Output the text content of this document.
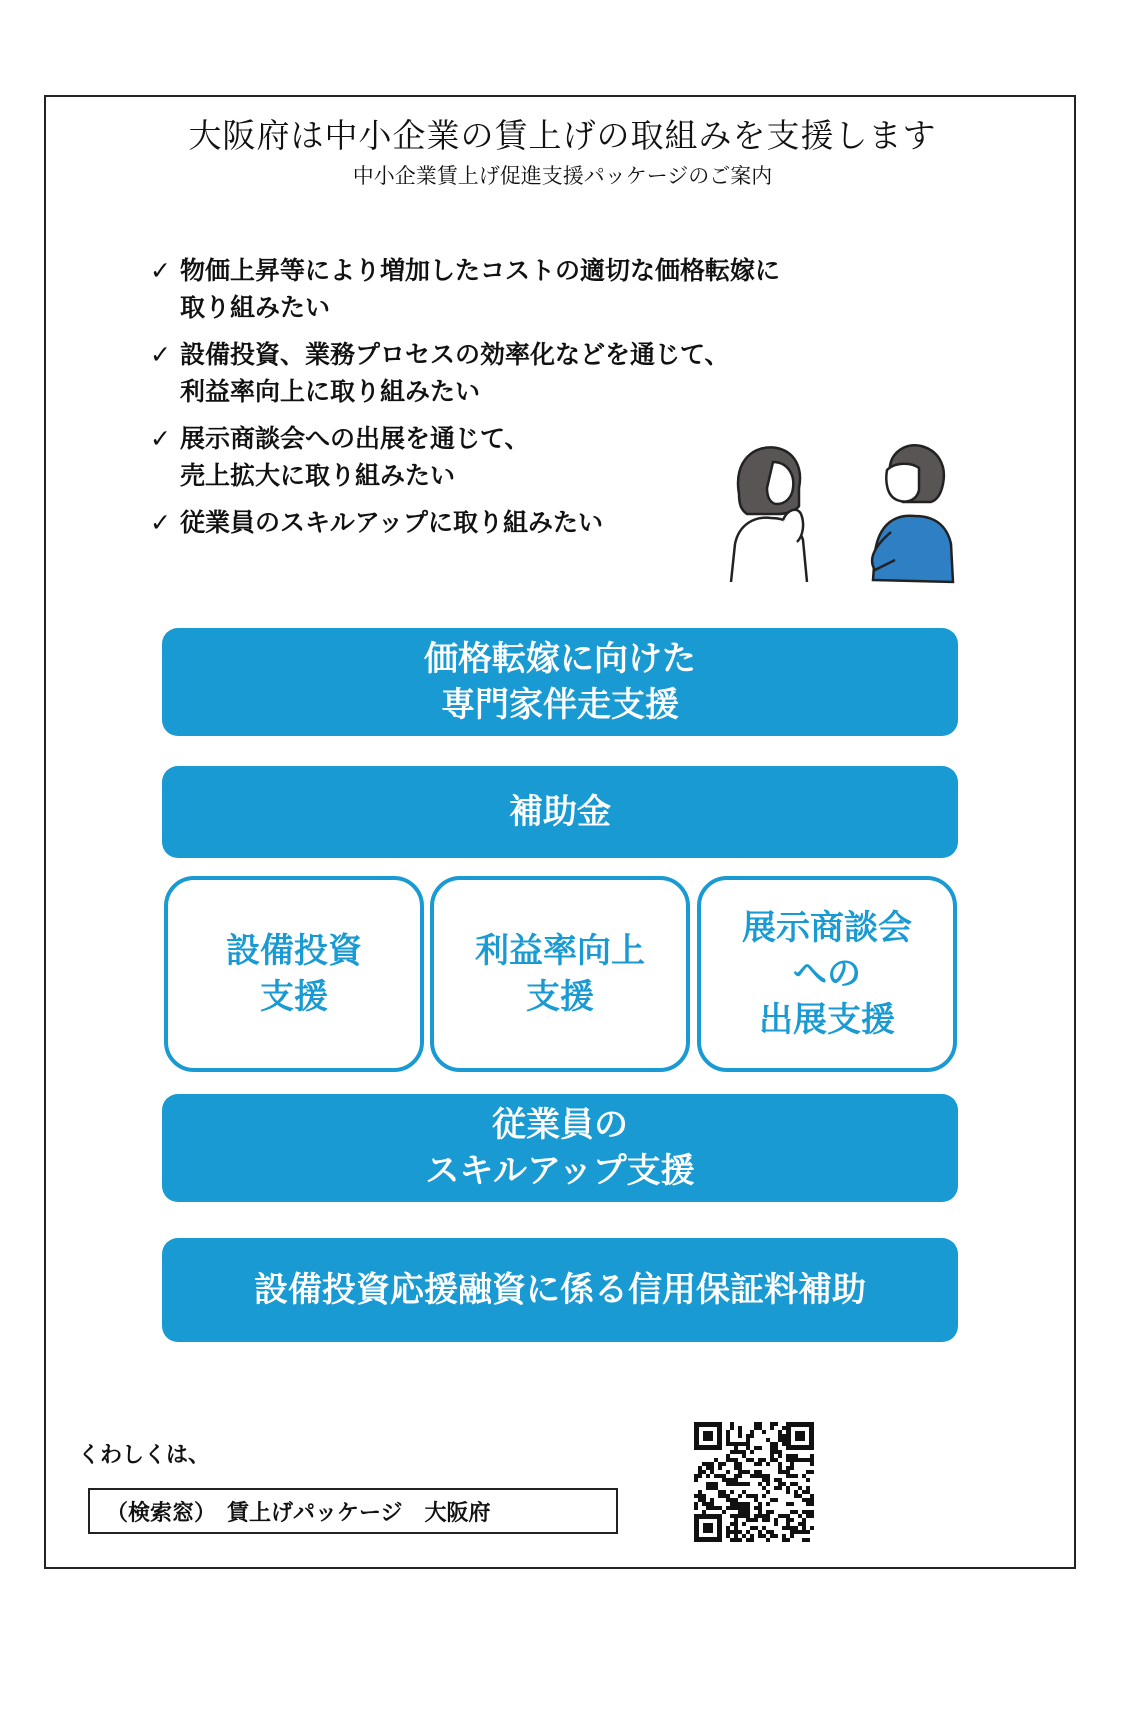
大阪府は中小企業の賃上げの取組みを支援します
中小企業賃上げ促進支援パッケージのご案内
✓ 物価上昇等により増加したコストの適切な価格転嫁に
取り組みたい
✓ 設備投資、業務プロセスの効率化などを通じて、
利益率向上に取り組みたい
✓ 展示商談会への出展を通じて、
売上拡大に取り組みたい
✓ 従業員のスキルアップに取り組みたい
価格転嫁に向けた
専門家伴走支援
補助金
設備投資
支援
利益率向上
支援
展示商談会
への
出展支援
従業員の
スキルアップ支援
設備投資応援融資に係る信用保証料補助
くわしくは、
（検索窓）　賃上げパッケージ　大阪府
